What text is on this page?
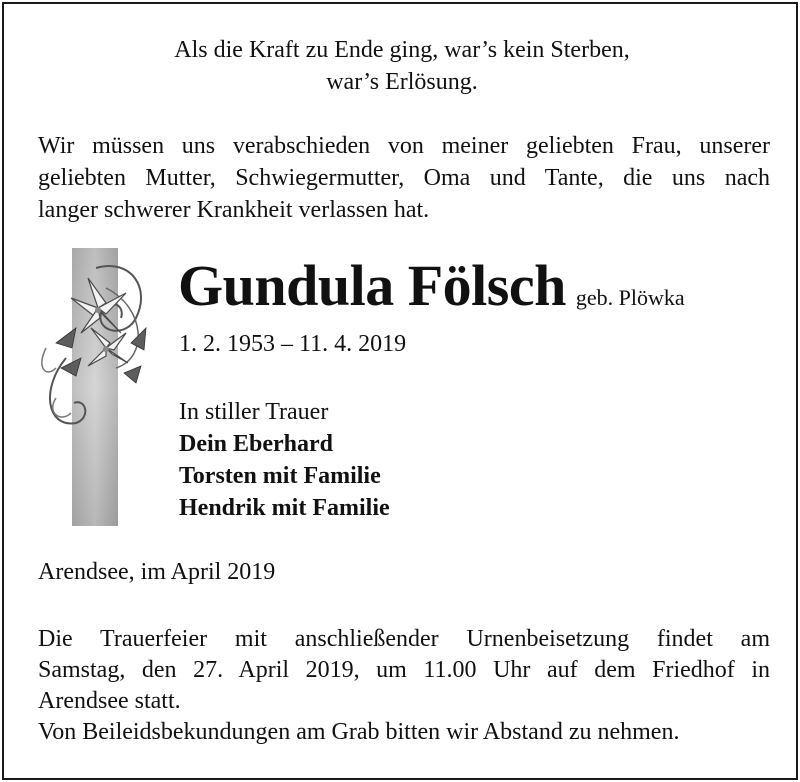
Als die Kraft zu Ende ging, war’s kein Sterben,
war’s Erlösung.
Wir müssen uns verabschieden von meiner geliebten Frau, unserer
geliebten Mutter, Schwiegermutter, Oma und Tante, die uns nach
langer schwerer Krankheit verlassen hat.
Gundula Fölsch geb. Plöwka
1. 2. 1953 – 11. 4. 2019
In stiller Trauer
Dein Eberhard
Torsten mit Familie
Hendrik mit Familie
Arendsee, im April 2019
Die Trauerfeier mit anschließender Urnenbeisetzung findet am
Samstag, den 27. April 2019, um 11.00 Uhr auf dem Friedhof in
Arendsee statt.
Von Beileidsbekundungen am Grab bitten wir Abstand zu nehmen.
